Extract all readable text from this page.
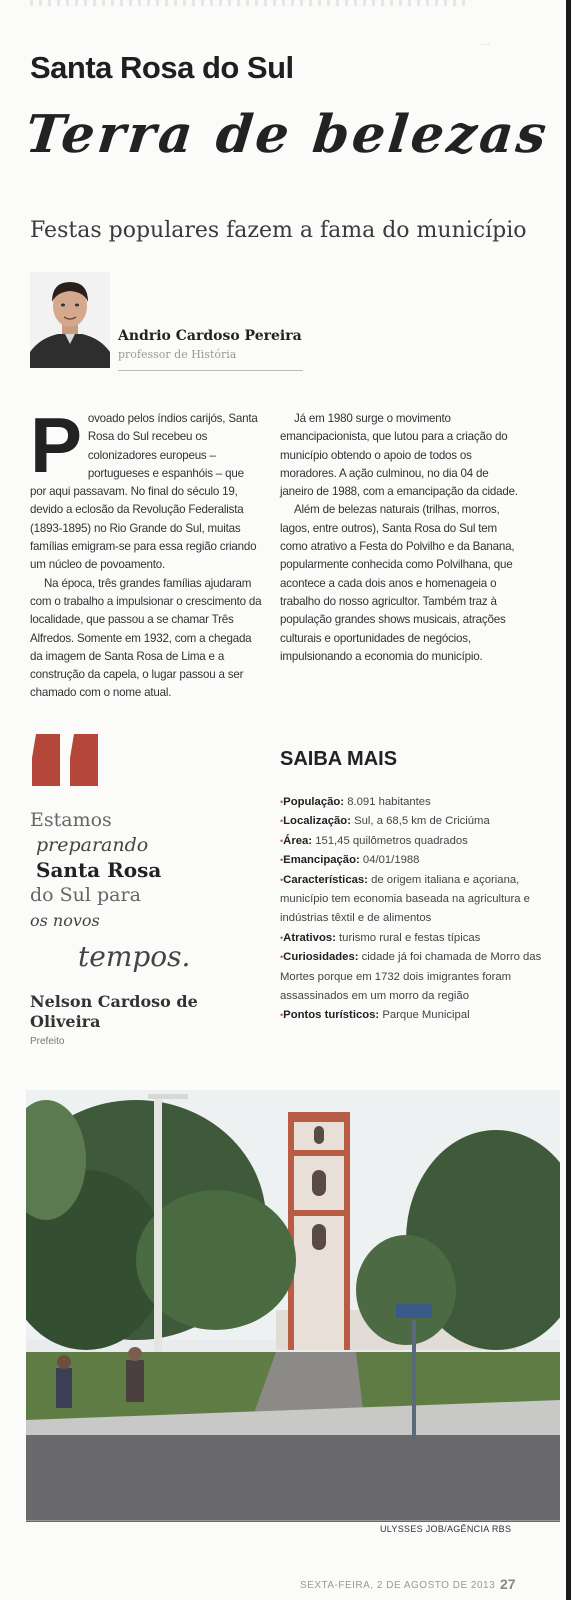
·· ··
Santa Rosa do Sul
Terra de belezas
Festas populares fazem a fama do município
Andrio Cardoso Pereira
professor de História
P ovoado pelos índios carijós, Santa Rosa do Sul recebeu os colonizadores europeus – portugueses e espanhóis – que por aqui passavam. No final do século 19, devido a eclosão da Revolução Federalista (1893-1895) no Rio Grande do Sul, muitas famílias emigram-se para essa região criando um núcleo de povoamento.

Na época, três grandes famílias ajudaram com o trabalho a impulsionar o crescimento da localidade, que passou a se chamar Três Alfredos. Somente em 1932, com a chegada da imagem de Santa Rosa de Lima e a construção da capela, o lugar passou a ser chamado com o nome atual.

Já em 1980 surge o movimento emancipacionista, que lutou para a criação do município obtendo o apoio de todos os moradores. A ação culminou, no dia 04 de janeiro de 1988, com a emancipação da cidade.

Além de belezas naturais (trilhas, morros, lagos, entre outros), Santa Rosa do Sul tem como atrativo a Festa do Polvilho e da Banana, popularmente conhecida como Polvilhana, que acontece a cada dois anos e homenageia o trabalho do nosso agricultor. Também traz à população grandes shows musicais, atrações culturais e oportunidades de negócios, impulsionando a economia do município.

Estamos
preparando
Santa Rosa
do Sul para
os novos
tempos.
Nelson Cardoso de Oliveira
Prefeito
SAIBA MAIS
• População: 8.091 habitantes
• Localização: Sul, a 68,5 km de Criciúma
• Área: 151,45 quilômetros quadrados
• Emancipação: 04/01/1988
• Características: de origem italiana e açoriana, município tem economia baseada na agricultura e indústrias têxtil e de alimentos
• Atrativos: turismo rural e festas típicas
• Curiosidades: cidade já foi chamada de Morro das Mortes porque em 1732 dois imigrantes foram assassinados em um morro da região
• Pontos turísticos: Parque Municipal
ULYSSES JOB/AGÊNCIA RBS
SEXTA-FEIRA, 2 DE AGOSTO DE 2013 27
